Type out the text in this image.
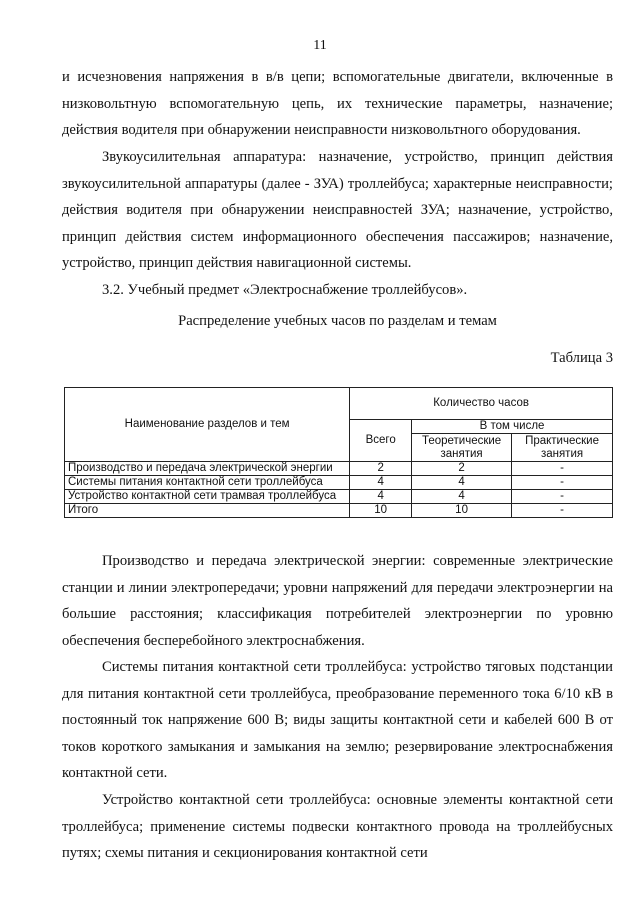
11

и исчезновения напряжения в в/в цепи; вспомогательные двигатели, включенные в низковольтную вспомогательную цепь, их технические параметры, назначение; действия водителя при обнаружении неисправности низковольтного оборудования.

Звукоусилительная аппаратура: назначение, устройство, принцип действия звукоусилительной аппаратуры (далее - ЗУА) троллейбуса; характерные неисправности; действия водителя при обнаружении неисправностей ЗУА; назначение, устройство, принцип действия систем информационного обеспечения пассажиров; назначение, устройство, принцип действия навигационной системы.

3.2. Учебный предмет «Электроснабжение троллейбусов».

Распределение учебных часов по разделам и темам
Таблица 3
Наименование разделов и тем	Количество часов		
	Всего	В том числе	
		Теоретические занятия	Практические занятия
Производство и передача электрической энергии	2	2	-
Системы питания контактной сети троллейбуса	4	4	-
Устройство контактной сети трамвая троллейбуса	4	4	-
Итого	10	10	-

Производство и передача электрической энергии: современные электрические станции и линии электропередачи; уровни напряжений для передачи электроэнергии на большие расстояния; классификация потребителей электроэнергии по уровню обеспечения бесперебойного электроснабжения.

Системы питания контактной сети троллейбуса: устройство тяговых подстанции для питания контактной сети троллейбуса, преобразование переменного тока 6/10 кВ в постоянный ток напряжение 600 В; виды защиты контактной сети и кабелей 600 В от токов короткого замыкания и замыкания на землю; резервирование электроснабжения контактной сети.

Устройство контактной сети троллейбуса: основные элементы контактной сети троллейбуса; применение системы подвески контактного провода на троллейбусных путях; схемы питания и секционирования контактной сети
